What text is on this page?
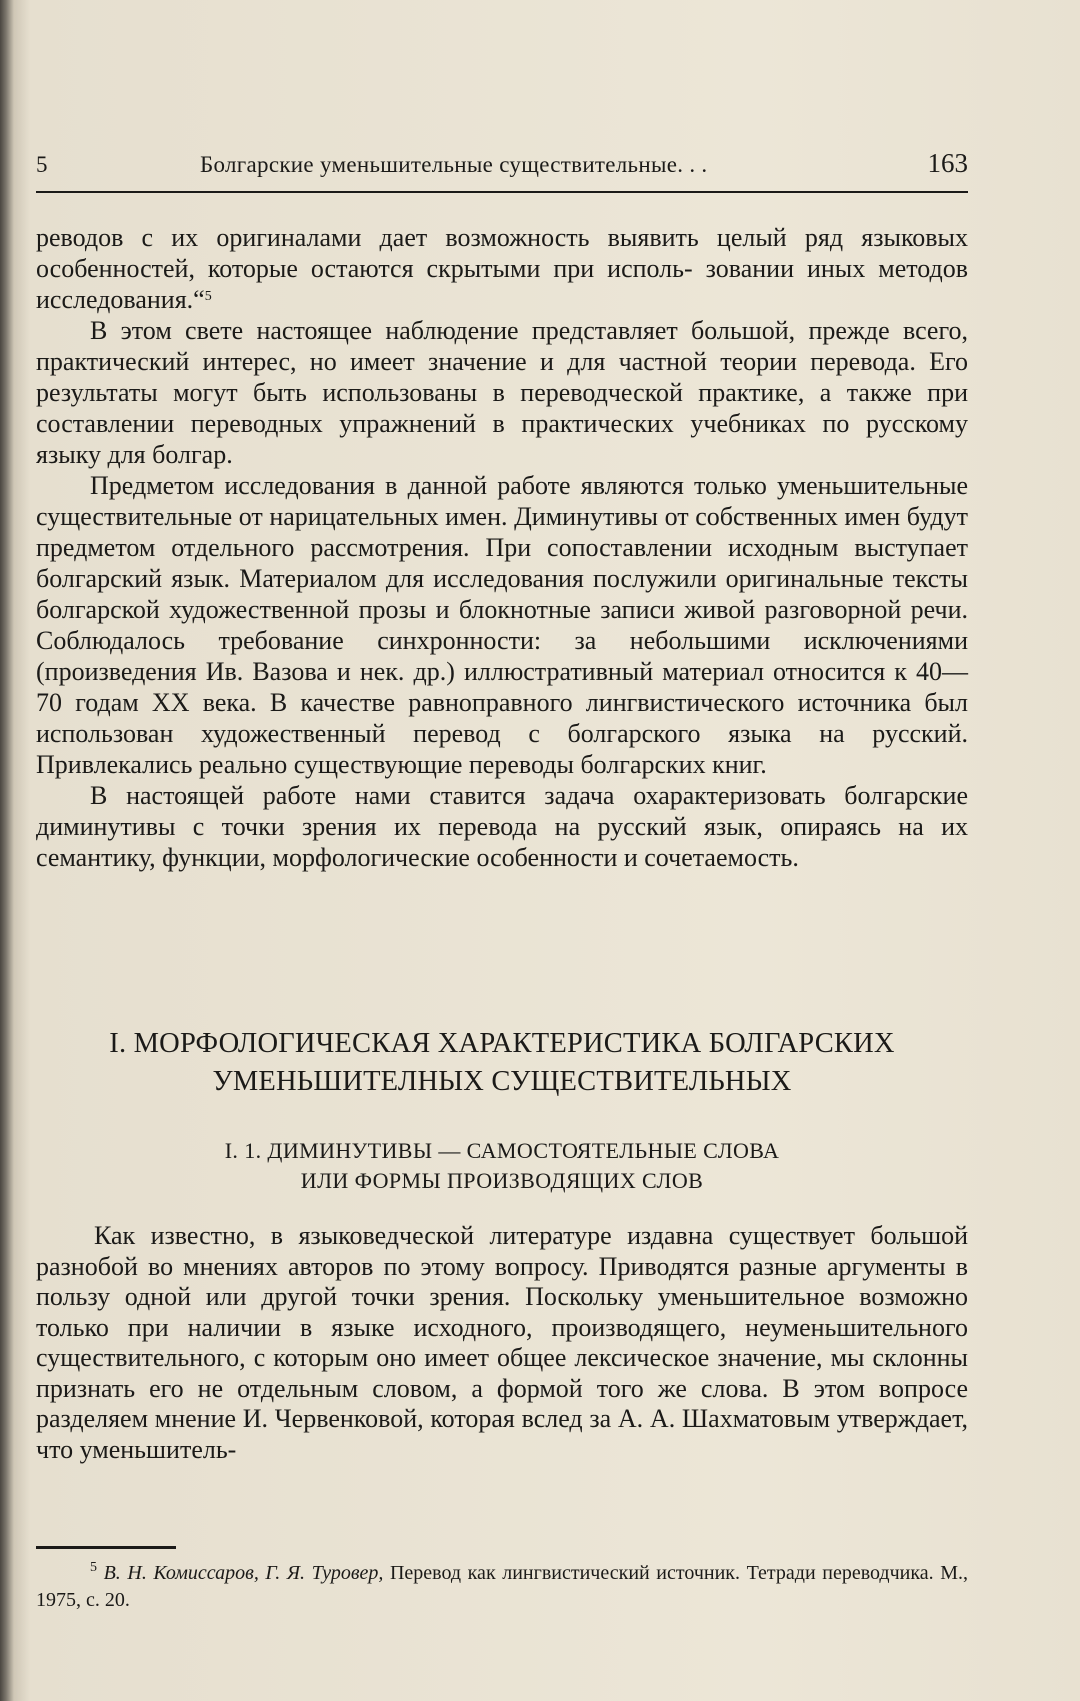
5	Болгарские уменьшительные существительные. . .	163

реводов с их оригиналами дает возможность выявить целый ряд языковых особенностей, которые остаются скрытыми при исполь- зовании иных методов исследования.“$^5$

В этом свете настоящее наблюдение представляет большой, прежде всего, практический интерес, но имеет значение и для частной теории перевода. Его результаты могут быть использованы в переводческой практике, а также при составлении переводных упражнений в практических учебниках по русскому языку для болгар.

Предметом исследования в данной работе являются только уменьшительные существительные от нарицательных имен. Диминутивы от собственных имен будут предметом отдельного рассмотрения. При сопоставлении исходным выступает болгарский язык. Материалом для исследования послужили оригинальные тексты болгарской художественной прозы и блокнотные записи живой разговорной речи. Соблюдалось требование синхронности: за небольшими исключениями (произведения Ив. Вазова и нек. др.) иллюстративный материал относится к 40—70 годам XX века. В качестве равноправного лингвистического источника был использован художественный перевод с болгарского языка на русский. Привлекались реально существующие переводы болгарских книг.

В настоящей работе нами ставится задача охарактеризовать болгарские диминутивы с точки зрения их перевода на русский язык, опираясь на их семантику, функции, морфологические особенности и сочетаемость.

I. МОРФОЛОГИЧЕСКАЯ ХАРАКТЕРИСТИКА БОЛГАРСКИХ
УМЕНЬШИТЕЛНЫХ СУЩЕСТВИТЕЛЬНЫХ
I. 1. ДИМИНУТИВЫ — САМОСТОЯТЕЛЬНЫЕ СЛОВА
ИЛИ ФОРМЫ ПРОИЗВОДЯЩИХ СЛОВ

Как известно, в языковедческой литературе издавна существует большой разнобой во мнениях авторов по этому вопросу. Приводятся разные аргументы в пользу одной или другой точки зрения. Поскольку уменьшительное возможно только при наличии в языке исходного, производящего, неуменьшительного существительного, с которым оно имеет общее лексическое значение, мы склонны признать его не отдельным словом, а формой того же слова. В этом вопросе разделяем мнение И. Червенковой, которая вслед за А. А. Шахматовым утверждает, что уменьшитель-

$^5$ В. Н. Комиссаров, Г. Я. Туровер, Перевод как лингвистический источник. Тетради переводчика. М., 1975, с. 20.
